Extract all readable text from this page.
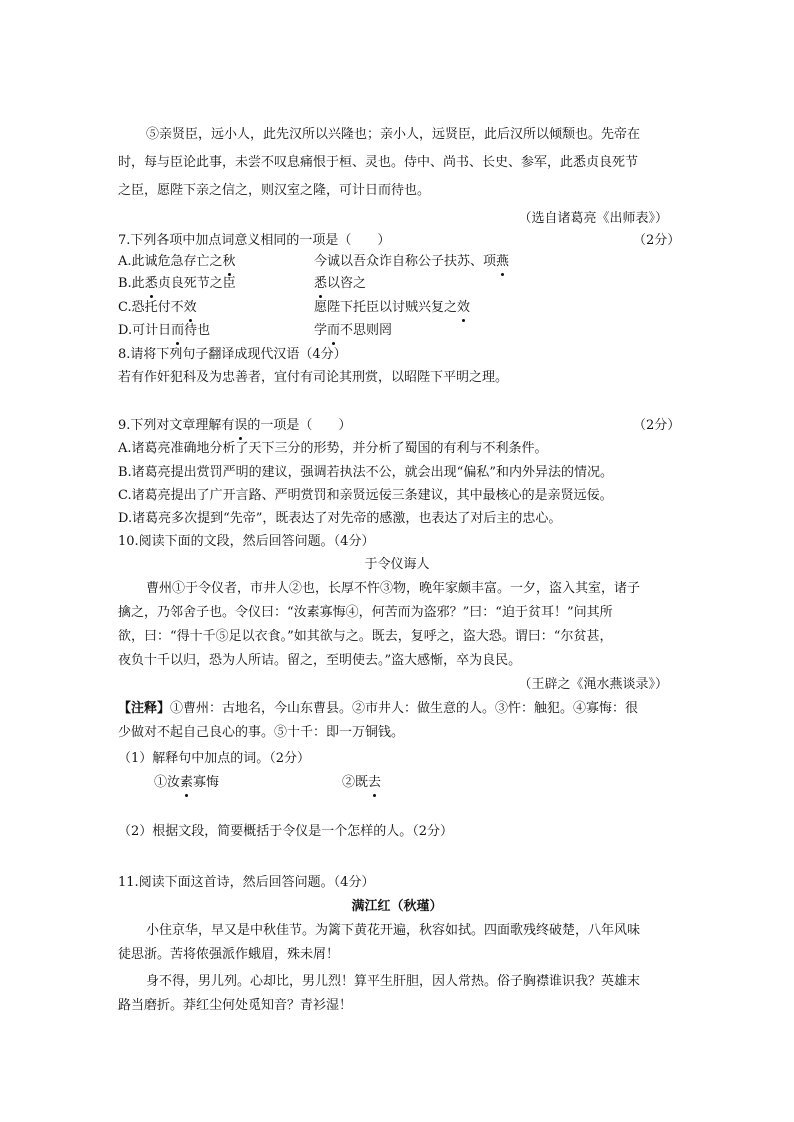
⑤亲贤臣，远小人，此先汉所以兴隆也；亲小人，远贤臣，此后汉所以倾颓也。先帝在
时，每与臣论此事，未尝不叹息痛恨于桓、灵也。侍中、尚书、长史、参军，此悉贞良死节
之臣，愿陛下亲之信之，则汉室之隆，可计日而待也。
（选自诸葛亮《出师表》）
7.下列各项中加点词意义相同的一项是（　　）	（2分）
A.此诚危急存亡之秋	今诚以吾众诈自称公子扶苏、项燕
B.此悉贞良死节之臣	悉以咨之
C.恐托付不效	愿陛下托臣以讨贼兴复之效
D.可计日而待也	学而不思则罔
8.请将下列句子翻译成现代汉语（4分）
若有作奸犯科及为忠善者，宜付有司论其刑赏，以昭陛下平明之理。
9.下列对文章理解有误的一项是（　　）	（2分）
A.诸葛亮准确地分析了天下三分的形势，并分析了蜀国的有利与不利条件。
B.诸葛亮提出赏罚严明的建议，强调若执法不公，就会出现“偏私”和内外异法的情况。
C.诸葛亮提出了广开言路、严明赏罚和亲贤远佞三条建议，其中最核心的是亲贤远佞。
D.诸葛亮多次提到“先帝”，既表达了对先帝的感激，也表达了对后主的忠心。
10.阅读下面的文段，然后回答问题。（4分）
于令仪诲人
曹州①于令仪者，市井人②也，长厚不忤③物，晚年家颇丰富。一夕，盗入其室，诸子
擒之，乃邻舍子也。令仪曰：“汝素寡悔④，何苦而为盗邪？”曰：“迫于贫耳！”问其所
欲，曰：“得十千⑤足以衣食。”如其欲与之。既去，复呼之，盗大恐。谓曰：“尔贫甚，
夜负十千以归，恐为人所诘。留之，至明使去。”盗大感惭，卒为良民。
（王辟之《渑水燕谈录》）
【注释】①曹州：古地名，今山东曹县。②市井人：做生意的人。③忤：触犯。④寡悔：很
少做对不起自己良心的事。⑤十千：即一万铜钱。
（1）解释句中加点的词。（2分）
①汝素寡悔	②既去
（2）根据文段，简要概括于令仪是一个怎样的人。（2分）
11.阅读下面这首诗，然后回答问题。（4分）
满江红（秋瑾）
小住京华，早又是中秋佳节。为篱下黄花开遍，秋容如拭。四面歌残终破楚，八年风味
徒思浙。苦将侬强派作蛾眉，殊未屑！
身不得，男儿列。心却比，男儿烈！算平生肝胆，因人常热。俗子胸襟谁识我？英雄末
路当磨折。莽红尘何处觅知音？青衫湿！
